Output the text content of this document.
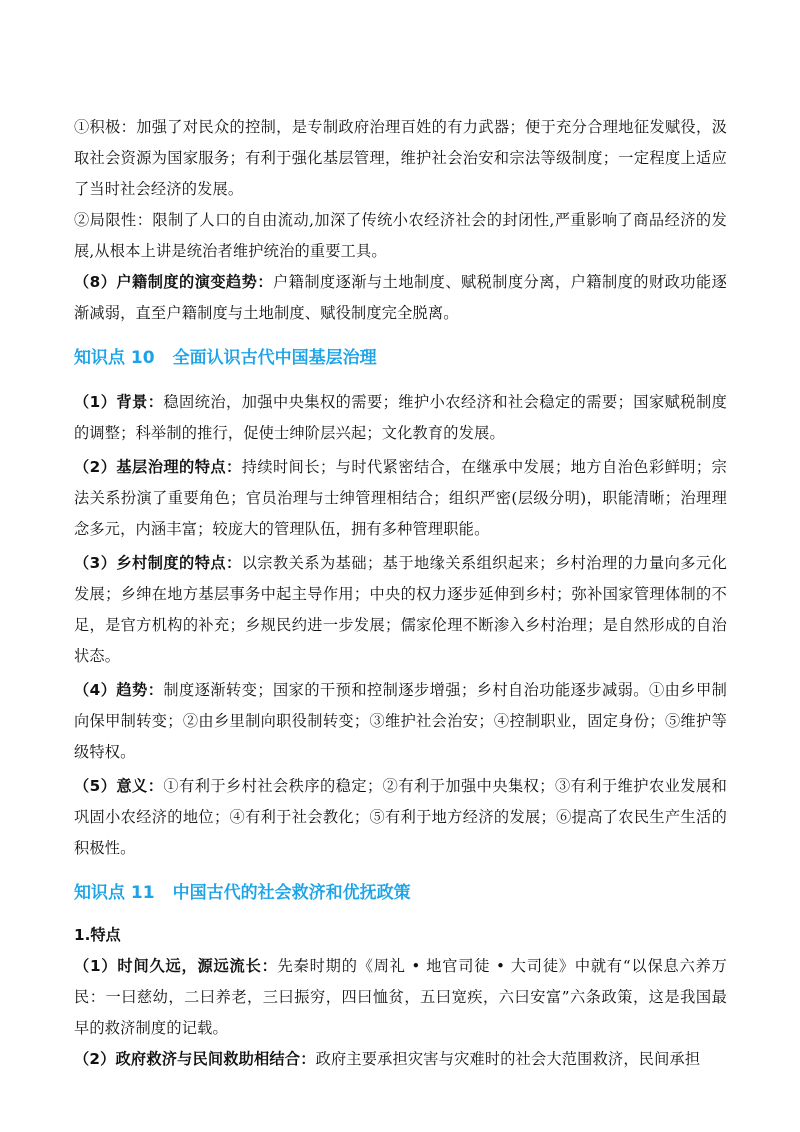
①积极：加强了对民众的控制，是专制政府治理百姓的有力武器；便于充分合理地征发赋役，汲取社会资源为国家服务；有利于强化基层管理，维护社会治安和宗法等级制度；一定程度上适应了当时社会经济的发展。
②局限性：限制了人口的自由流动,加深了传统小农经济社会的封闭性,严重影响了商品经济的发展,从根本上讲是统治者维护统治的重要工具。
（8）户籍制度的演变趋势：户籍制度逐渐与土地制度、赋税制度分离，户籍制度的财政功能逐渐减弱，直至户籍制度与土地制度、赋役制度完全脱离。
知识点 10 全面认识古代中国基层治理
（1）背景：稳固统治，加强中央集权的需要；维护小农经济和社会稳定的需要；国家赋税制度的调整；科举制的推行，促使士绅阶层兴起；文化教育的发展。
（2）基层治理的特点：持续时间长；与时代紧密结合，在继承中发展；地方自治色彩鲜明；宗法关系扮演了重要角色；官员治理与士绅管理相结合；组织严密(层级分明)，职能清晰；治理理念多元，内涵丰富；较庞大的管理队伍，拥有多种管理职能。
（3）乡村制度的特点：以宗教关系为基础；基于地缘关系组织起来；乡村治理的力量向多元化发展；乡绅在地方基层事务中起主导作用；中央的权力逐步延伸到乡村；弥补国家管理体制的不足，是官方机构的补充；乡规民约进一步发展；儒家伦理不断渗入乡村治理；是自然形成的自治状态。
（4）趋势：制度逐渐转变；国家的干预和控制逐步增强；乡村自治功能逐步减弱。①由乡甲制向保甲制转变；②由乡里制向职役制转变；③维护社会治安；④控制职业，固定身份；⑤维护等级特权。
（5）意义：①有利于乡村社会秩序的稳定；②有利于加强中央集权；③有利于维护农业发展和巩固小农经济的地位；④有利于社会教化；⑤有利于地方经济的发展；⑥提高了农民生产生活的积极性。
知识点 11 中国古代的社会救济和优抚政策
1.特点
（1）时间久远，源远流长：先秦时期的《周礼 • 地官司徒 • 大司徒》中就有“以保息六养万民：一曰慈幼，二曰养老，三曰振穷，四曰恤贫，五曰宽疾，六曰安富”六条政策，这是我国最早的救济制度的记载。
（2）政府救济与民间救助相结合：政府主要承担灾害与灾难时的社会大范围救济，民间承担
